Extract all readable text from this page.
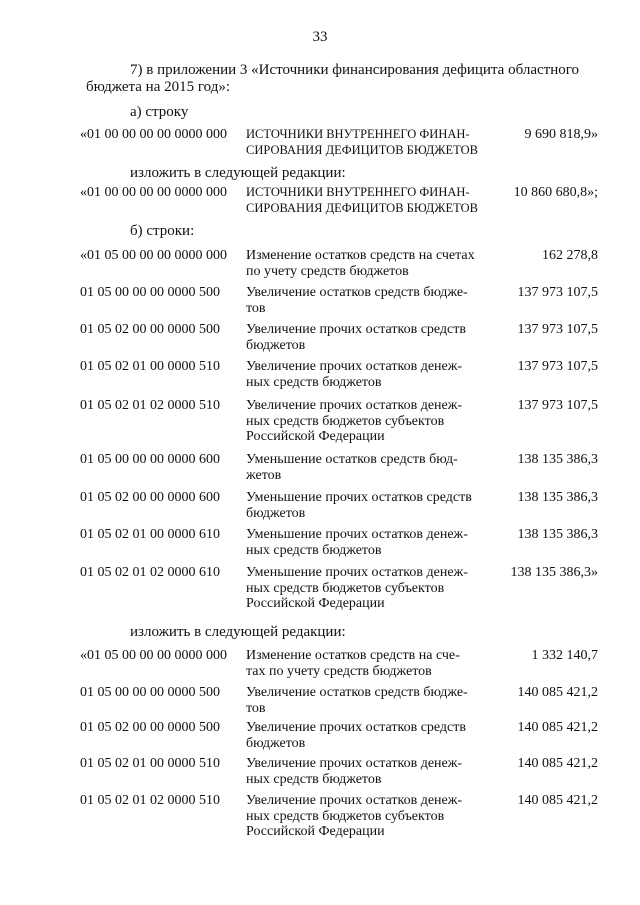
33
7) в приложении 3 «Источники финансирования дефицита областного
бюджета на 2015 год»:
а) строку
«01 00 00 00 00 0000 000 ИСТОЧНИКИ ВНУТРЕННЕГО ФИНАН-
СИРОВАНИЯ ДЕФИЦИТОВ БЮДЖЕТОВ
9 690 818,9»
изложить в следующей редакции:
«01 00 00 00 00 0000 000 ИСТОЧНИКИ ВНУТРЕННЕГО ФИНАН-
СИРОВАНИЯ ДЕФИЦИТОВ БЮДЖЕТОВ
10 860 680,8»;
б) строки:
«01 05 00 00 00 0000 000 Изменение остатков средств на счетах
по учету средств бюджетов
162 278,8
01 05 00 00 00 0000 500 Увеличение остатков средств бюдже-
тов
137 973 107,5
01 05 02 00 00 0000 500 Увеличение прочих остатков средств
бюджетов
137 973 107,5
01 05 02 01 00 0000 510 Увеличение прочих остатков денеж-
ных средств бюджетов
137 973 107,5
01 05 02 01 02 0000 510 Увеличение прочих остатков денеж-
ных средств бюджетов субъектов
Российской Федерации
137 973 107,5
01 05 00 00 00 0000 600 Уменьшение остатков средств бюд-
жетов
138 135 386,3
01 05 02 00 00 0000 600 Уменьшение прочих остатков средств
бюджетов
138 135 386,3
01 05 02 01 00 0000 610 Уменьшение прочих остатков денеж-
ных средств бюджетов
138 135 386,3
01 05 02 01 02 0000 610 Уменьшение прочих остатков денеж-
ных средств бюджетов субъектов
Российской Федерации
138 135 386,3»
изложить в следующей редакции:
«01 05 00 00 00 0000 000 Изменение остатков средств на сче-
тах по учету средств бюджетов
1 332 140,7
01 05 00 00 00 0000 500 Увеличение остатков средств бюдже-
тов
140 085 421,2
01 05 02 00 00 0000 500 Увеличение прочих остатков средств
бюджетов
140 085 421,2
01 05 02 01 00 0000 510 Увеличение прочих остатков денеж-
ных средств бюджетов
140 085 421,2
01 05 02 01 02 0000 510 Увеличение прочих остатков денеж-
ных средств бюджетов субъектов
Российской Федерации
140 085 421,2
